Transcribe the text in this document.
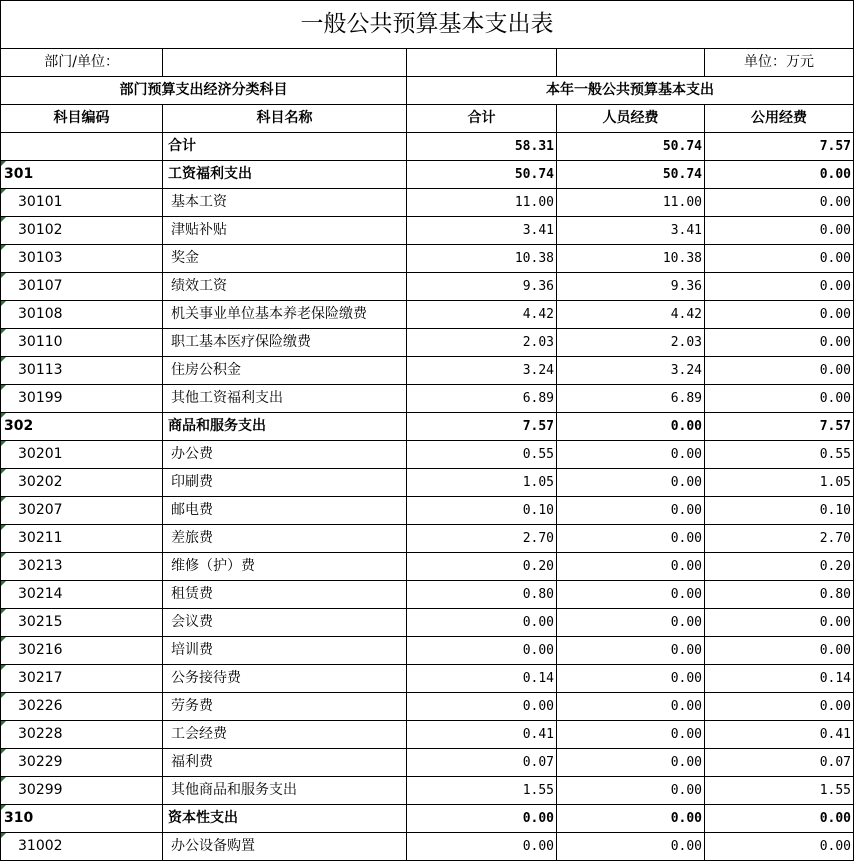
一般公共预算基本支出表				
部门/单位：				单位：万元
部门预算支出经济分类科目		本年一般公共预算基本支出		
科目编码	科目名称	合计	人员经费	公用经费
	合计	58.31	50.74	7.57

301	工资福利支出	50.74	50.74	0.00

30101	基本工资	11.00	11.00	0.00

30102	津贴补贴	3.41	3.41	0.00

30103	奖金	10.38	10.38	0.00

30107	绩效工资	9.36	9.36	0.00

30108	机关事业单位基本养老保险缴费	4.42	4.42	0.00

30110	职工基本医疗保险缴费	2.03	2.03	0.00

30113	住房公积金	3.24	3.24	0.00

30199	其他工资福利支出	6.89	6.89	0.00

302	商品和服务支出	7.57	0.00	7.57

30201	办公费	0.55	0.00	0.55

30202	印刷费	1.05	0.00	1.05

30207	邮电费	0.10	0.00	0.10

30211	差旅费	2.70	0.00	2.70

30213	维修（护）费	0.20	0.00	0.20

30214	租赁费	0.80	0.00	0.80

30215	会议费	0.00	0.00	0.00

30216	培训费	0.00	0.00	0.00

30217	公务接待费	0.14	0.00	0.14

30226	劳务费	0.00	0.00	0.00

30228	工会经费	0.41	0.00	0.41

30229	福利费	0.07	0.00	0.07

30299	其他商品和服务支出	1.55	0.00	1.55

310	资本性支出	0.00	0.00	0.00

31002	办公设备购置	0.00	0.00	0.00
